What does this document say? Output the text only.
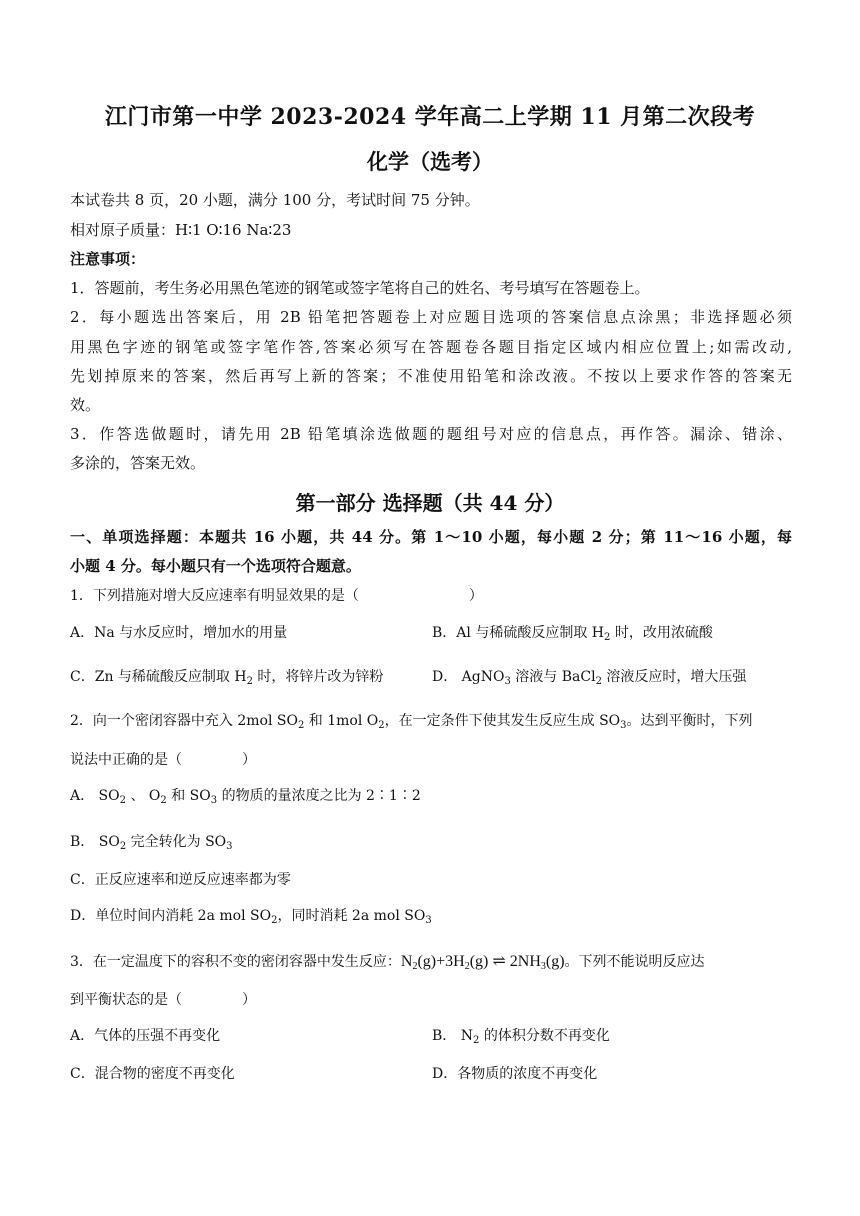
江门市第一中学 2023-2024 学年高二上学期 11 月第二次段考
化学（选考）
本试卷共 8 页，20 小题，满分 100 分，考试时间 75 分钟。
相对原子质量：H∶1 O∶16 Na∶23
注意事项：
1．答题前，考生务必用黑色笔迹的钢笔或签字笔将自己的姓名、考号填写在答题卷上。
2．每小题选出答案后，用 2B 铅笔把答题卷上对应题目选项的答案信息点涂黑；非选择题必须
用黑色字迹的钢笔或签字笔作答,答案必须写在答题卷各题目指定区域内相应位置上;如需改动,
先划掉原来的答案，然后再写上新的答案；不准使用铅笔和涂改液。不按以上要求作答的答案无
效。
3．作答选做题时，请先用 2B 铅笔填涂选做题的题组号对应的信息点，再作答。漏涂、错涂、
多涂的，答案无效。
第一部分 选择题（共 44 分）
一、单项选择题：本题共 16 小题，共 44 分。第 1～10 小题，每小题 2 分；第 11～16 小题，每
小题 4 分。每小题只有一个选项符合题意。
1．下列措施对增大反应速率有明显效果的是（	）
A．Na 与水反应时，增加水的用量	B．Al 与稀硫酸反应制取 $H_2$ 时，改用浓硫酸
C．Zn 与稀硫酸反应制取 $H_2$ 时，将锌片改为锌粉	D． AgNO$_3$ 溶液与 BaCl$_2$ 溶液反应时，增大压强
2．向一个密闭容器中充入 2mol $SO_2$ 和 1mol $O_2$，在一定条件下使其发生反应生成 $SO_3$。达到平衡时，下列
说法中正确的是（	）
A． $SO_2$ 、 $O_2$ 和 $SO_3$ 的物质的量浓度之比为 2∶1∶2
B． $SO_2$ 完全转化为 $SO_3$
C．正反应速率和逆反应速率都为零
D．单位时间内消耗 2a mol $SO_2$，同时消耗 2a mol $SO_3$
3．在一定温度下的容积不变的密闭容器中发生反应：$N_2(g)+3H_2(g)$ ⇌ $2NH_3(g)$。下列不能说明反应达
到平衡状态的是（	）
A．气体的压强不再变化	B． $N_2$ 的体积分数不再变化
C．混合物的密度不再变化	D．各物质的浓度不再变化
